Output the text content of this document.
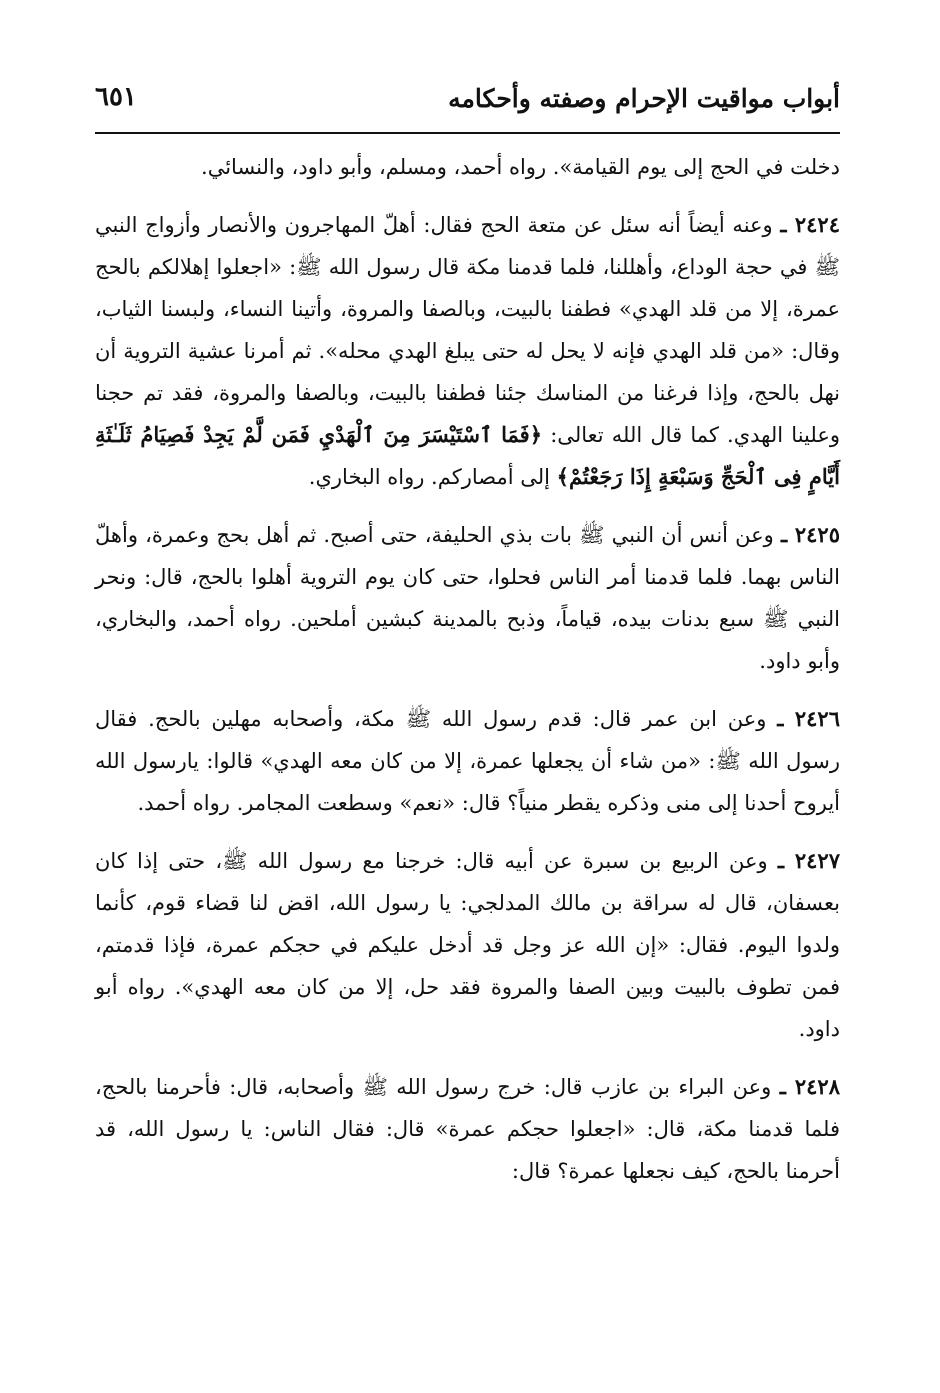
أبواب مواقيت الإحرام وصفته وأحكامه
٦٥١

دخلت في الحج إلى يوم القيامة». رواه أحمد، ومسلم، وأبو داود، والنسائي.

٢٤٢٤ ـ وعنه أيضاً أنه سئل عن متعة الحج فقال: أهلّ المهاجرون والأنصار وأزواج النبي ﷺ في حجة الوداع، وأهللنا، فلما قدمنا مكة قال رسول الله ﷺ: «اجعلوا إهلالكم بالحج عمرة، إلا من قلد الهدي» فطفنا بالبيت، وبالصفا والمروة، وأتينا النساء، ولبسنا الثياب، وقال: «من قلد الهدي فإنه لا يحل له حتى يبلغ الهدي محله». ثم أمرنا عشية التروية أن نهل بالحج، وإذا فرغنا من المناسك جئنا فطفنا بالبيت، وبالصفا والمروة، فقد تم حجنا وعلينا الهدي. كما قال الله تعالى: ﴿فَمَا ٱسْتَيْسَرَ مِنَ ٱلْهَدْيِ فَمَن لَّمْ يَجِدْ فَصِيَامُ ثَلَـٰثَةِ أَيَّامٍ فِى ٱلْحَجِّ وَسَبْعَةٍ إِذَا رَجَعْتُمْ﴾ إلى أمصاركم. رواه البخاري.

٢٤٢٥ ـ وعن أنس أن النبي ﷺ بات بذي الحليفة، حتى أصبح. ثم أهل بحج وعمرة، وأهلّ الناس بهما. فلما قدمنا أمر الناس فحلوا، حتى كان يوم التروية أهلوا بالحج، قال: ونحر النبي ﷺ سبع بدنات بيده، قياماً، وذبح بالمدينة كبشين أملحين. رواه أحمد، والبخاري، وأبو داود.

٢٤٢٦ ـ وعن ابن عمر قال: قدم رسول الله ﷺ مكة، وأصحابه مهلين بالحج. فقال رسول الله ﷺ: «من شاء أن يجعلها عمرة، إلا من كان معه الهدي» قالوا: يارسول الله أيروح أحدنا إلى منى وذكره يقطر منياً؟ قال: «نعم» وسطعت المجامر. رواه أحمد.

٢٤٢٧ ـ وعن الربيع بن سبرة عن أبيه قال: خرجنا مع رسول الله ﷺ، حتى إذا كان بعسفان، قال له سراقة بن مالك المدلجي: يا رسول الله، اقض لنا قضاء قوم، كأنما ولدوا اليوم. فقال: «إن الله عز وجل قد أدخل عليكم في حجكم عمرة، فإذا قدمتم، فمن تطوف بالبيت وبين الصفا والمروة فقد حل، إلا من كان معه الهدي». رواه أبو داود.

٢٤٢٨ ـ وعن البراء بن عازب قال: خرج رسول الله ﷺ وأصحابه، قال: فأحرمنا بالحج، فلما قدمنا مكة، قال: «اجعلوا حجكم عمرة» قال: فقال الناس: يا رسول الله، قد أحرمنا بالحج، كيف نجعلها عمرة؟ قال:
